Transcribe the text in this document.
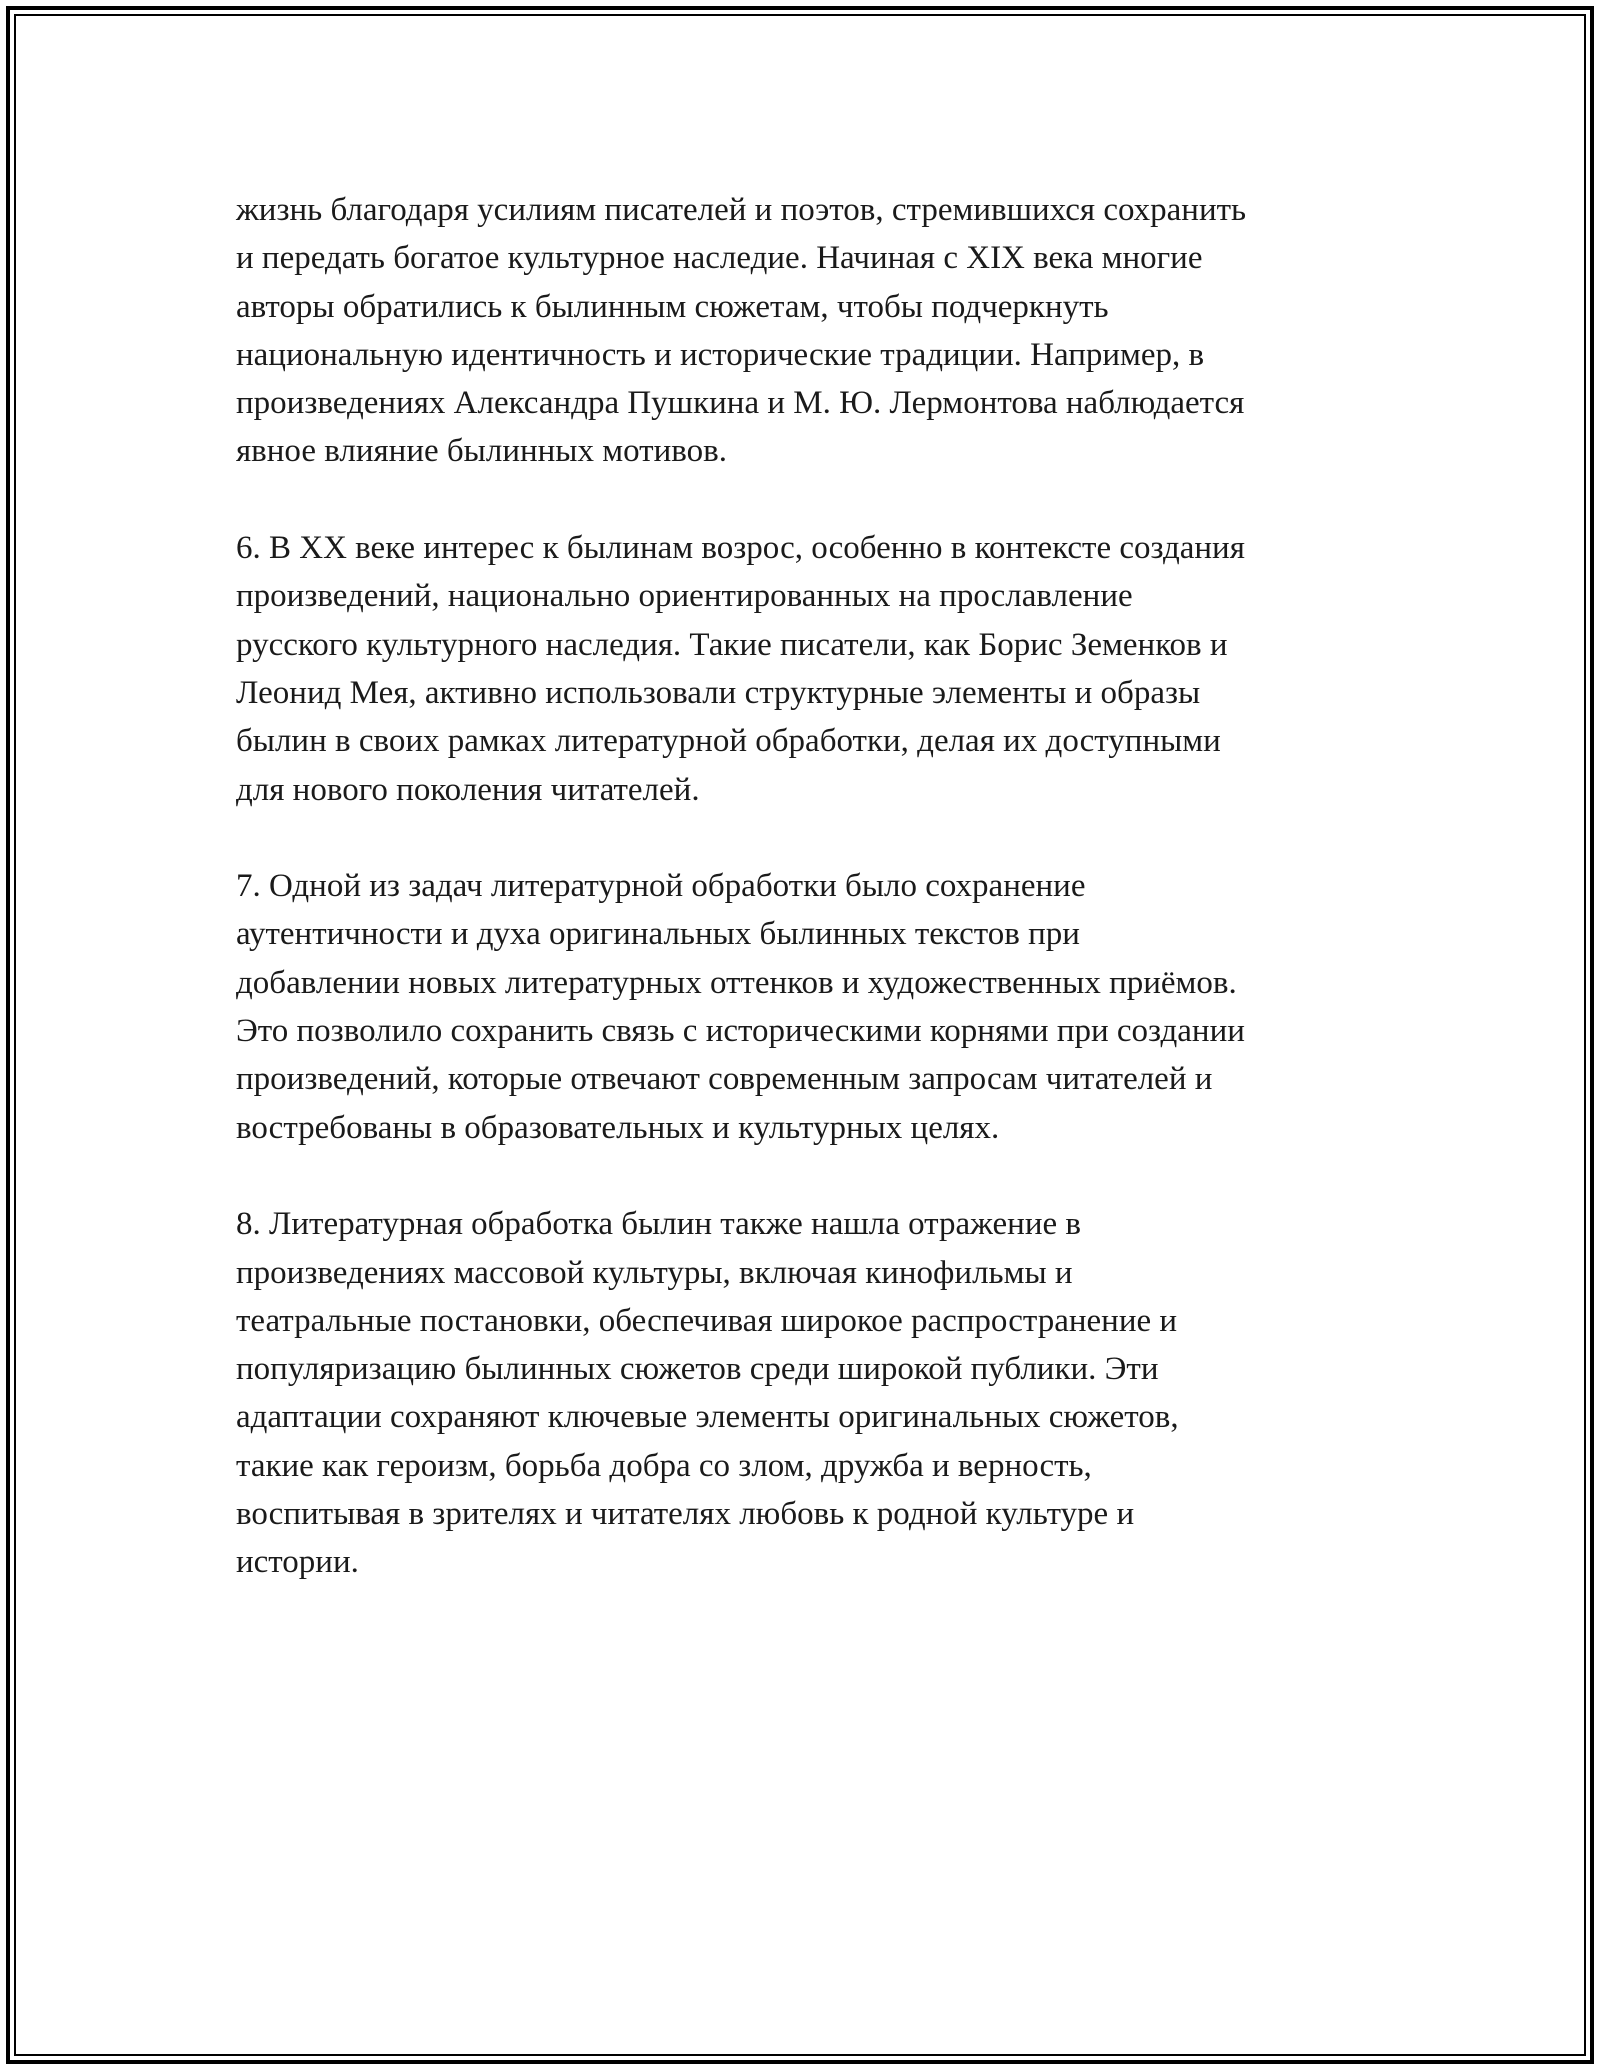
жизнь благодаря усилиям писателей и поэтов, стремившихся сохранить
и передать богатое культурное наследие. Начиная с XIX века многие
авторы обратились к былинным сюжетам, чтобы подчеркнуть
национальную идентичность и исторические традиции. Например, в
произведениях Александра Пушкина и М. Ю. Лермонтова наблюдается
явное влияние былинных мотивов.

6. В XX веке интерес к былинам возрос, особенно в контексте создания
произведений, национально ориентированных на прославление
русского культурного наследия. Такие писатели, как Борис Земенков и
Леонид Мея, активно использовали структурные элементы и образы
былин в своих рамках литературной обработки, делая их доступными
для нового поколения читателей.

7. Одной из задач литературной обработки было сохранение
аутентичности и духа оригинальных былинных текстов при
добавлении новых литературных оттенков и художественных приёмов.
Это позволило сохранить связь с историческими корнями при создании
произведений, которые отвечают современным запросам читателей и
востребованы в образовательных и культурных целях.

8. Литературная обработка былин также нашла отражение в
произведениях массовой культуры, включая кинофильмы и
театральные постановки, обеспечивая широкое распространение и
популяризацию былинных сюжетов среди широкой публики. Эти
адаптации сохраняют ключевые элементы оригинальных сюжетов,
такие как героизм, борьба добра со злом, дружба и верность,
воспитывая в зрителях и читателях любовь к родной культуре и
истории.
